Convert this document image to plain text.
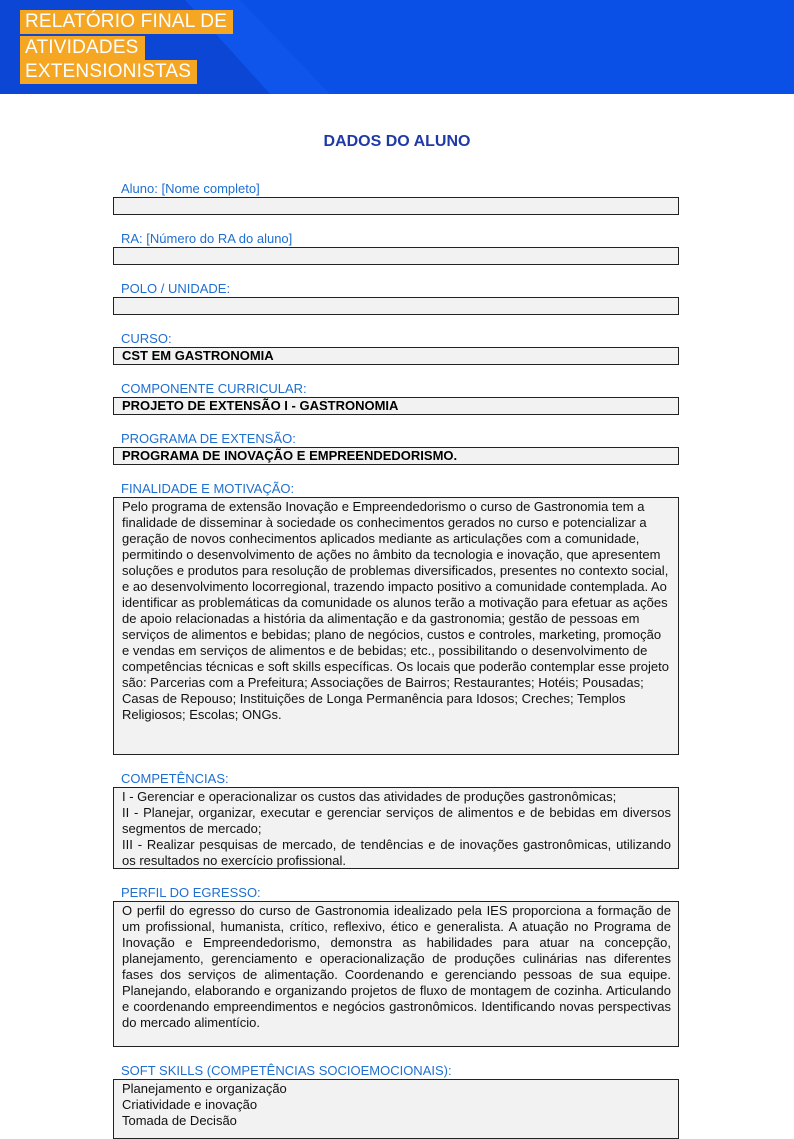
RELATÓRIO FINAL DE
ATIVIDADES
EXTENSIONISTAS
DADOS DO ALUNO
Aluno: [Nome completo]
RA: [Número do RA do aluno]
POLO / UNIDADE:
CURSO:
CST EM GASTRONOMIA
COMPONENTE CURRICULAR:
PROJETO DE EXTENSÃO I - GASTRONOMIA
PROGRAMA DE EXTENSÃO:
PROGRAMA DE INOVAÇÃO E EMPREENDEDORISMO.
FINALIDADE E MOTIVAÇÃO:
Pelo programa de extensão Inovação e Empreendedorismo o curso de Gastronomia tem a finalidade de disseminar à sociedade os conhecimentos gerados no curso e potencializar a geração de novos conhecimentos aplicados mediante as articulações com a comunidade, permitindo o desenvolvimento de ações no âmbito da tecnologia e inovação, que apresentem soluções e produtos para resolução de problemas diversificados, presentes no contexto social, e ao desenvolvimento locorregional, trazendo impacto positivo a comunidade contemplada. Ao identificar as problemáticas da comunidade os alunos terão a motivação para efetuar as ações de apoio relacionadas a história da alimentação e da gastronomia; gestão de pessoas em serviços de alimentos e bebidas; plano de negócios, custos e controles, marketing, promoção e vendas em serviços de alimentos e de bebidas; etc., possibilitando o desenvolvimento de competências técnicas e soft skills específicas. Os locais que poderão contemplar esse projeto são: Parcerias com a Prefeitura; Associações de Bairros; Restaurantes; Hotéis; Pousadas; Casas de Repouso; Instituições de Longa Permanência para Idosos; Creches; Templos Religiosos; Escolas; ONGs.
COMPETÊNCIAS:

I - Gerenciar e operacionalizar os custos das atividades de produções gastronômicas;

II - Planejar, organizar, executar e gerenciar serviços de alimentos e de bebidas em diversos segmentos de mercado;

III - Realizar pesquisas de mercado, de tendências e de inovações gastronômicas, utilizando os resultados no exercício profissional.

PERFIL DO EGRESSO:
O perfil do egresso do curso de Gastronomia idealizado pela IES proporciona a formação de um profissional, humanista, crítico, reflexivo, ético e generalista. A atuação no Programa de Inovação e Empreendedorismo, demonstra as habilidades para atuar na concepção, planejamento, gerenciamento e operacionalização de produções culinárias nas diferentes fases dos serviços de alimentação. Coordenando e gerenciando pessoas de sua equipe. Planejando, elaborando e organizando projetos de fluxo de montagem de cozinha. Articulando e coordenando empreendimentos e negócios gastronômicos. Identificando novas perspectivas do mercado alimentício.
SOFT SKILLS (COMPETÊNCIAS SOCIOEMOCIONAIS):

Planejamento e organização

Criatividade e inovação

Tomada de Decisão
